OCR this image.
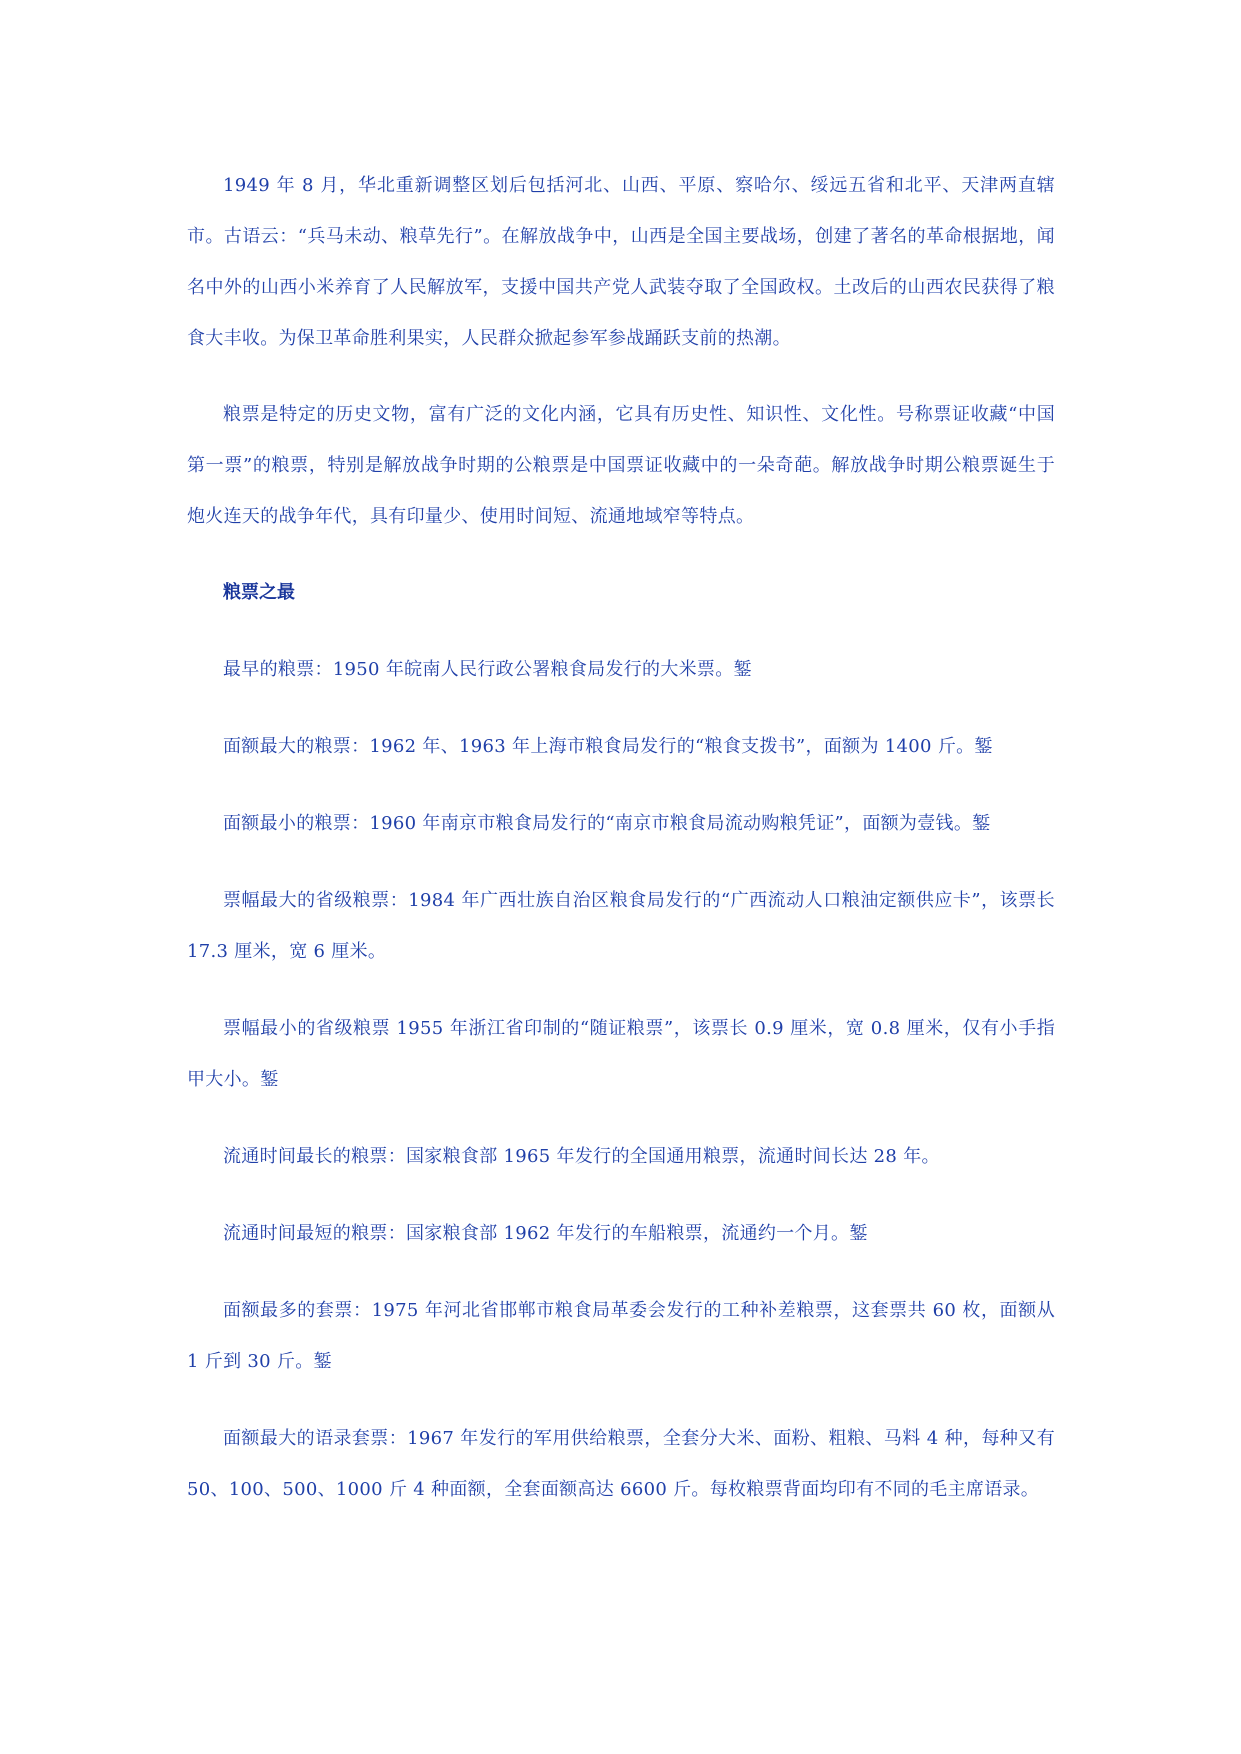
1949 年 8 月，华北重新调整区划后包括河北、山西、平原、察哈尔、绥远五省和北平、天津两直辖市。古语云：“兵马未动、粮草先行”。在解放战争中，山西是全国主要战场，创建了著名的革命根据地，闻名中外的山西小米养育了人民解放军，支援中国共产党人武装夺取了全国政权。土改后的山西农民获得了粮食大丰收。为保卫革命胜利果实，人民群众掀起参军参战踊跃支前的热潮。

粮票是特定的历史文物，富有广泛的文化内涵，它具有历史性、知识性、文化性。号称票证收藏“中国第一票”的粮票，特别是解放战争时期的公粮票是中国票证收藏中的一朵奇葩。解放战争时期公粮票诞生于炮火连天的战争年代，具有印量少、使用时间短、流通地域窄等特点。

粮票之最

最早的粮票：1950 年皖南人民行政公署粮食局发行的大米票。錾

面额最大的粮票：1962 年、1963 年上海市粮食局发行的“粮食支拨书”，面额为 1400 斤。錾

面额最小的粮票：1960 年南京市粮食局发行的“南京市粮食局流动购粮凭证”，面额为壹钱。錾

票幅最大的省级粮票：1984 年广西壮族自治区粮食局发行的“广西流动人口粮油定额供应卡”，该票长 17.3 厘米，宽 6 厘米。

票幅最小的省级粮票 1955 年浙江省印制的“随证粮票”，该票长 0.9 厘米，宽 0.8 厘米，仅有小手指甲大小。錾

流通时间最长的粮票：国家粮食部 1965 年发行的全国通用粮票，流通时间长达 28 年。

流通时间最短的粮票：国家粮食部 1962 年发行的车船粮票，流通约一个月。錾

面额最多的套票：1975 年河北省邯郸市粮食局革委会发行的工种补差粮票，这套票共 60 枚，面额从 1 斤到 30 斤。錾

面额最大的语录套票：1967 年发行的军用供给粮票，全套分大米、面粉、粗粮、马料 4 种，每种又有 50、100、500、1000 斤 4 种面额，全套面额高达 6600 斤。每枚粮票背面均印有不同的毛主席语录。
